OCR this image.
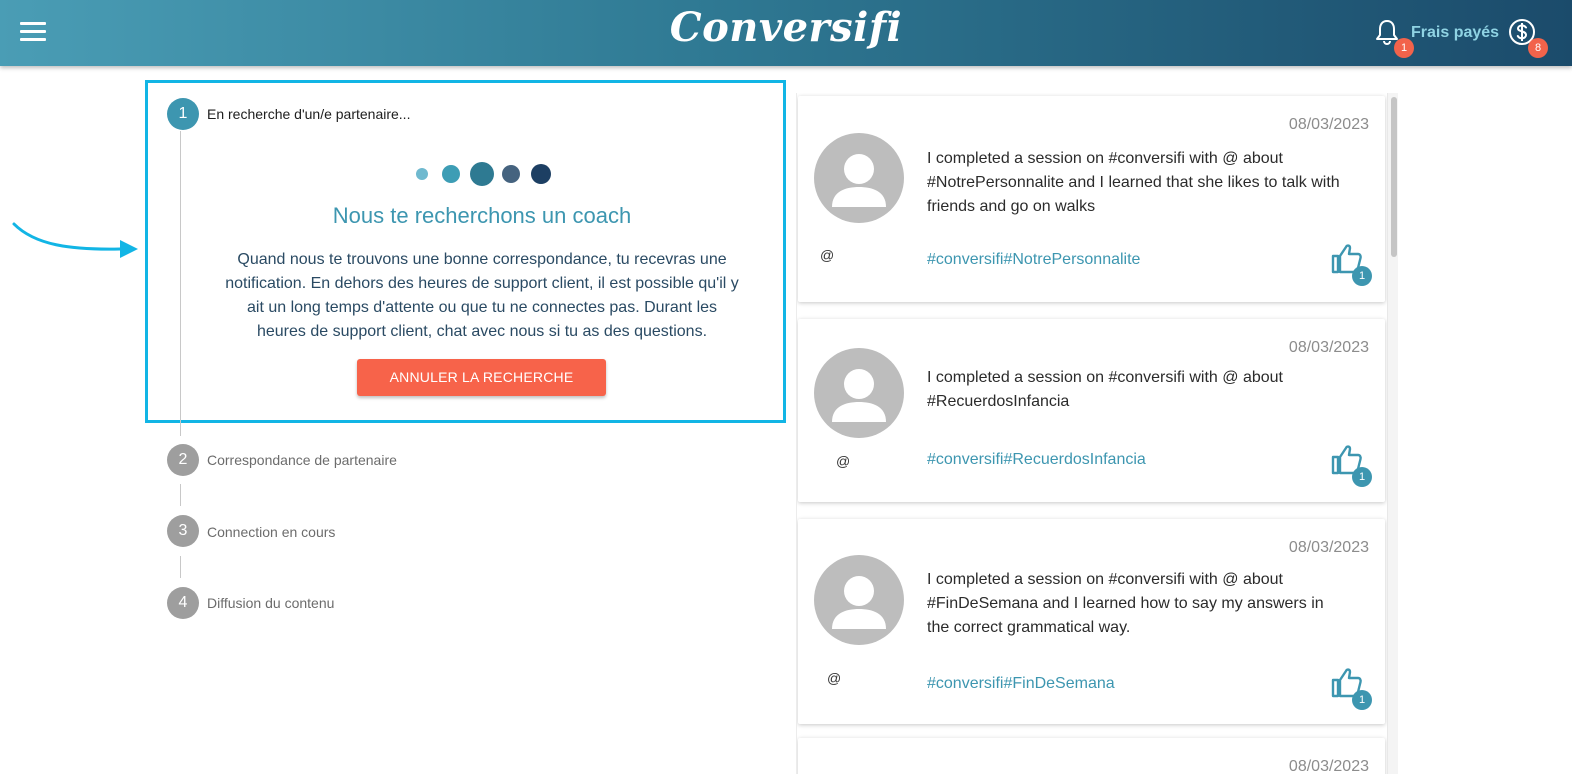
Conversifi	1
Frais payés
8
1	En recherche d'un/e partenaire...
Nous te recherchons un coach
Quand nous te trouvons une bonne correspondance, tu recevras une notification. En dehors des heures de support client, il est possible qu'il y ait un long temps d'attente ou que tu ne connectes pas. Durant les heures de support client, chat avec nous si tu as des questions.
ANNULER LA RECHERCHE
2	Correspondance de partenaire
3	Connection en cours
4	Diffusion du contenu
08/03/2023
I completed a session on #conversifi with @ about #NotrePersonnalite and I learned that she likes to talk with friends and go on walks
@	#conversifi#NotrePersonnalite
1
08/03/2023
I completed a session on #conversifi with @ about #RecuerdosInfancia
@	#conversifi#RecuerdosInfancia
1
08/03/2023
I completed a session on #conversifi with @ about #FinDeSemana and I learned how to say my answers in the correct grammatical way.
@	#conversifi#FinDeSemana
1
08/03/2023
